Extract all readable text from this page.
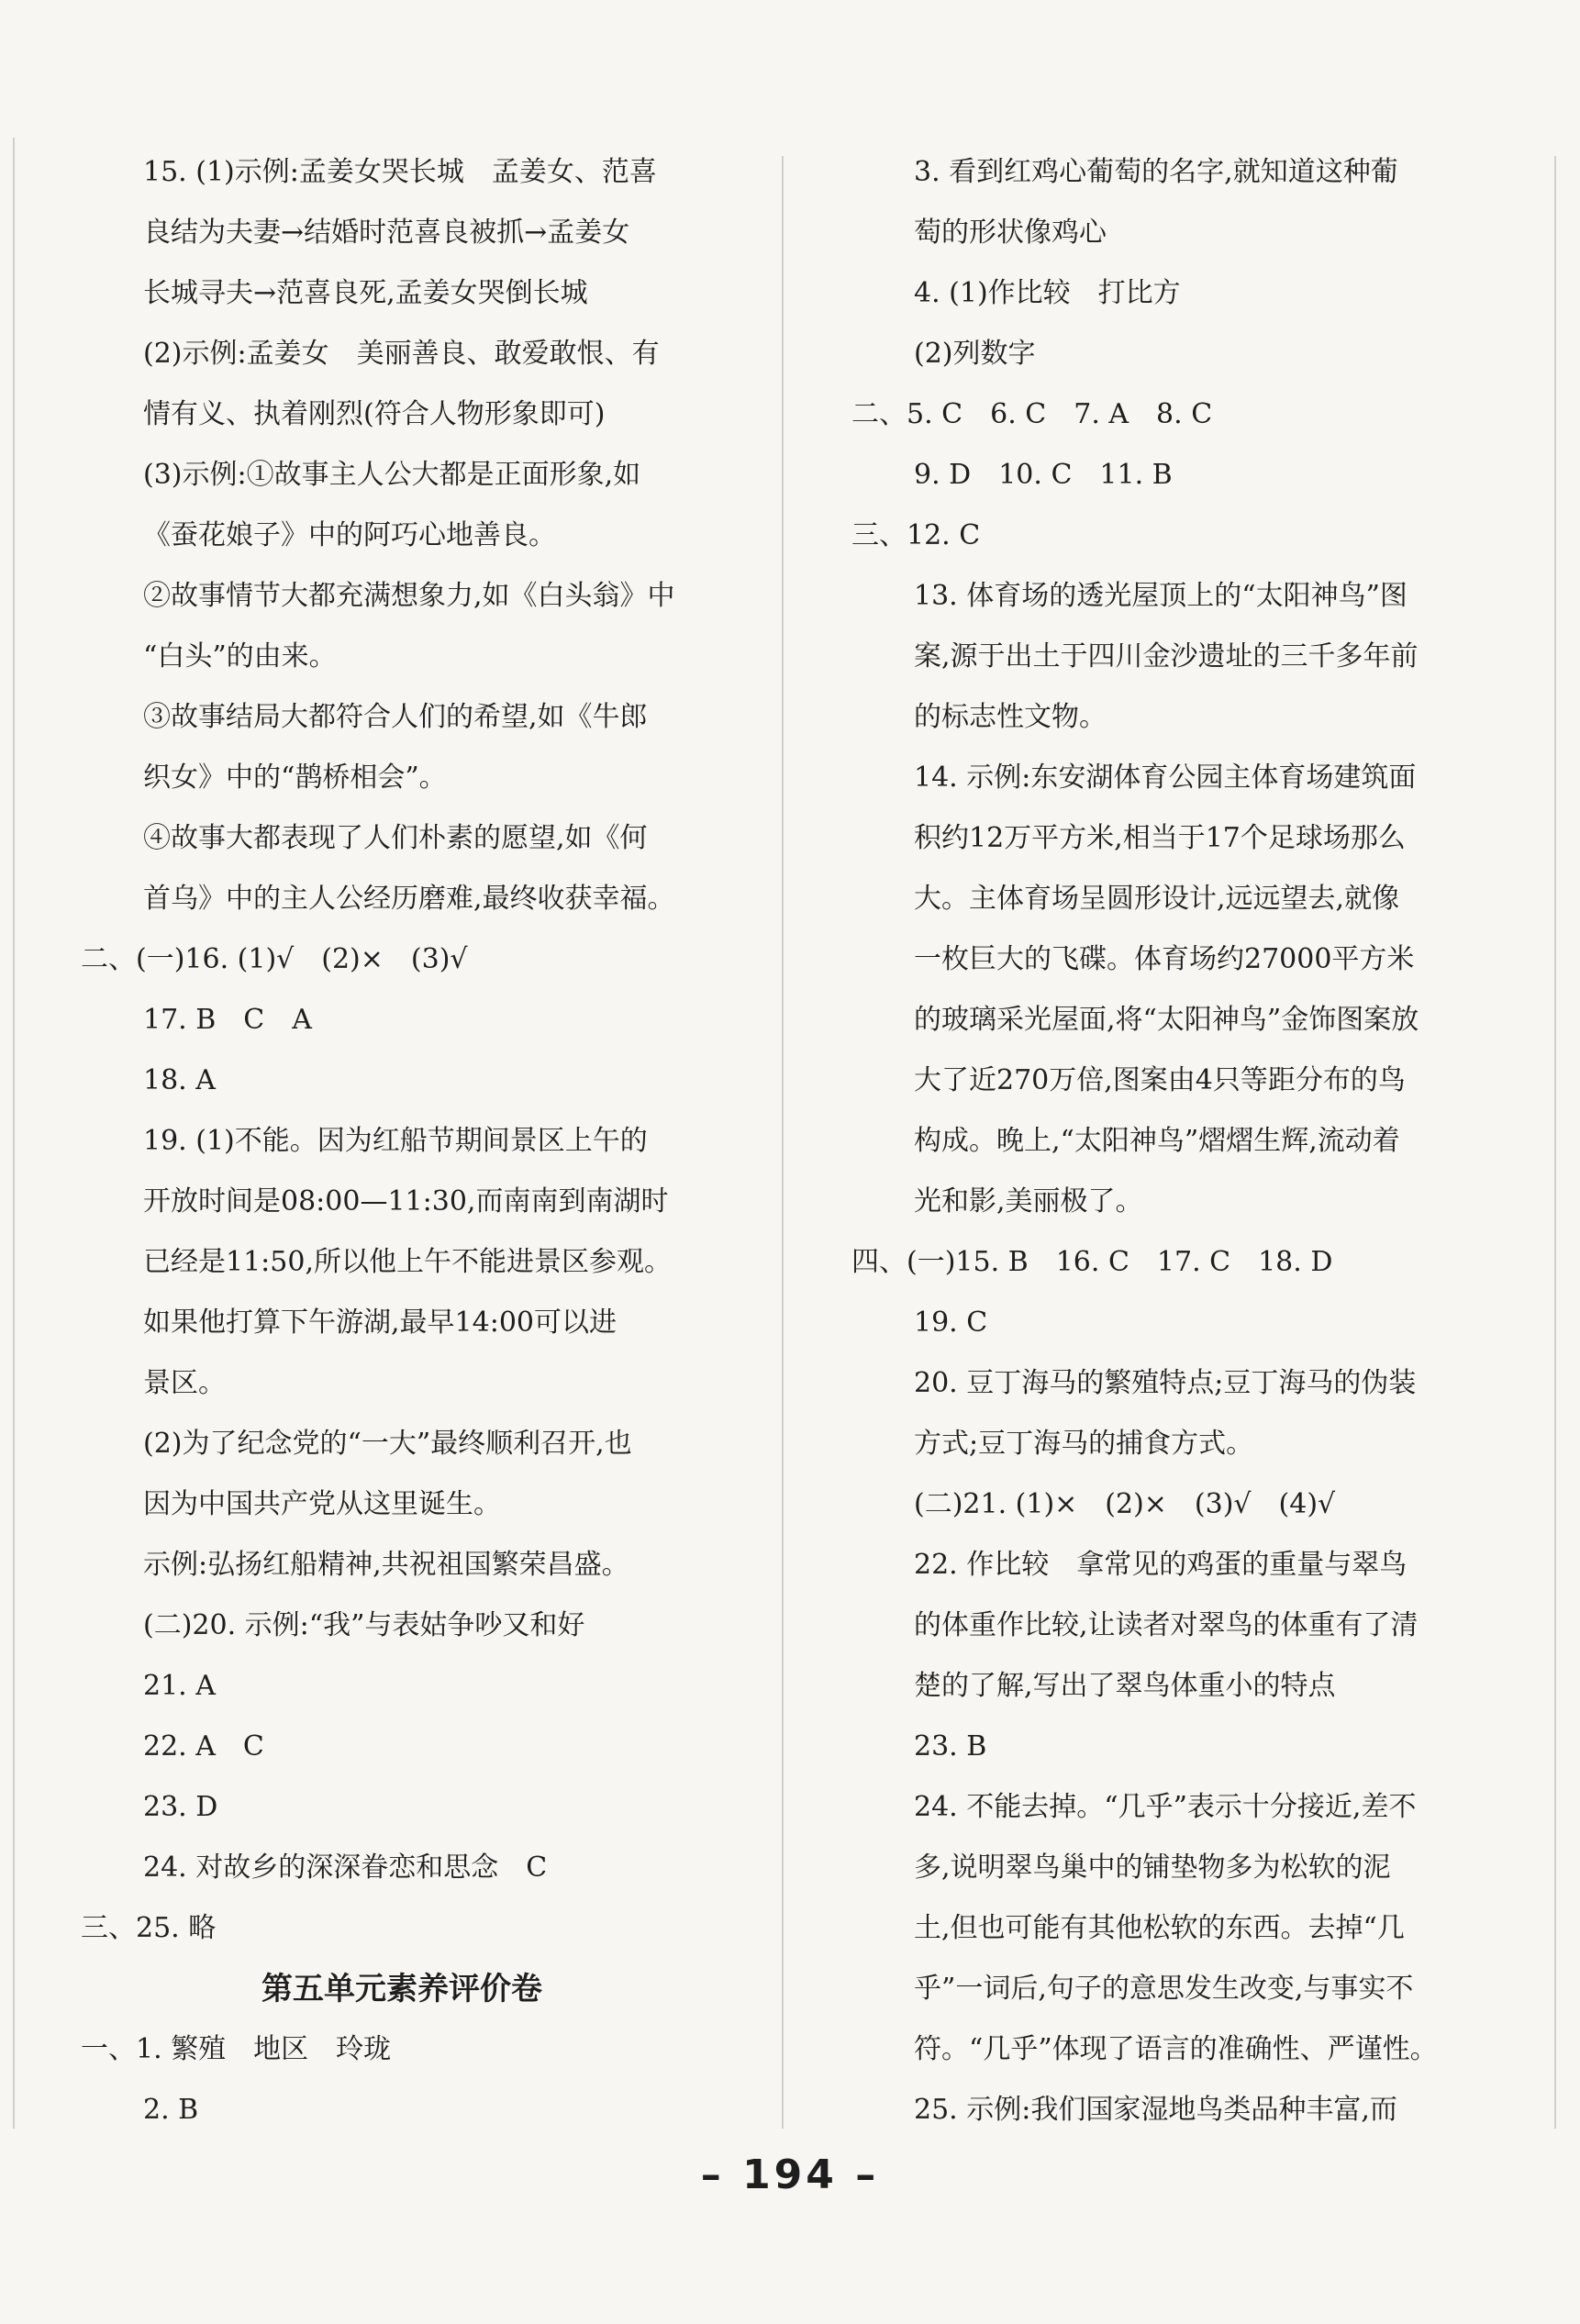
15. (1)示例:孟姜女哭长城　孟姜女、范喜
良结为夫妻→结婚时范喜良被抓→孟姜女
长城寻夫→范喜良死,孟姜女哭倒长城
(2)示例:孟姜女　美丽善良、敢爱敢恨、有
情有义、执着刚烈(符合人物形象即可)
(3)示例:①故事主人公大都是正面形象,如
《蚕花娘子》中的阿巧心地善良。
②故事情节大都充满想象力,如《白头翁》中
“白头”的由来。
③故事结局大都符合人们的希望,如《牛郎
织女》中的“鹊桥相会”。
④故事大都表现了人们朴素的愿望,如《何
首乌》中的主人公经历磨难,最终收获幸福。
二、(一)16. (1)√　(2)×　(3)√
17. B　C　A
18. A
19. (1)不能。因为红船节期间景区上午的
开放时间是08:00—11:30,而南南到南湖时
已经是11:50,所以他上午不能进景区参观。
如果他打算下午游湖,最早14:00可以进
景区。
(2)为了纪念党的“一大”最终顺利召开,也
因为中国共产党从这里诞生。
示例:弘扬红船精神,共祝祖国繁荣昌盛。
(二)20. 示例:“我”与表姑争吵又和好
21. A
22. A　C
23. D
24. 对故乡的深深眷恋和思念　C
三、25. 略
第五单元素养评价卷
一、1. 繁殖　地区　玲珑
2. B
3. 看到红鸡心葡萄的名字,就知道这种葡
萄的形状像鸡心
4. (1)作比较　打比方
(2)列数字
二、5. C　6. C　7. A　8. C
9. D　10. C　11. B
三、12. C
13. 体育场的透光屋顶上的“太阳神鸟”图
案,源于出土于四川金沙遗址的三千多年前
的标志性文物。
14. 示例:东安湖体育公园主体育场建筑面
积约12万平方米,相当于17个足球场那么
大。主体育场呈圆形设计,远远望去,就像
一枚巨大的飞碟。体育场约27000平方米
的玻璃采光屋面,将“太阳神鸟”金饰图案放
大了近270万倍,图案由4只等距分布的鸟
构成。晚上,“太阳神鸟”熠熠生辉,流动着
光和影,美丽极了。
四、(一)15. B　16. C　17. C　18. D
19. C
20. 豆丁海马的繁殖特点;豆丁海马的伪装
方式;豆丁海马的捕食方式。
(二)21. (1)×　(2)×　(3)√　(4)√
22. 作比较　拿常见的鸡蛋的重量与翠鸟
的体重作比较,让读者对翠鸟的体重有了清
楚的了解,写出了翠鸟体重小的特点
23. B
24. 不能去掉。“几乎”表示十分接近,差不
多,说明翠鸟巢中的铺垫物多为松软的泥
土,但也可能有其他松软的东西。去掉“几
乎”一词后,句子的意思发生改变,与事实不
符。“几乎”体现了语言的准确性、严谨性。
25. 示例:我们国家湿地鸟类品种丰富,而
– 194 –
